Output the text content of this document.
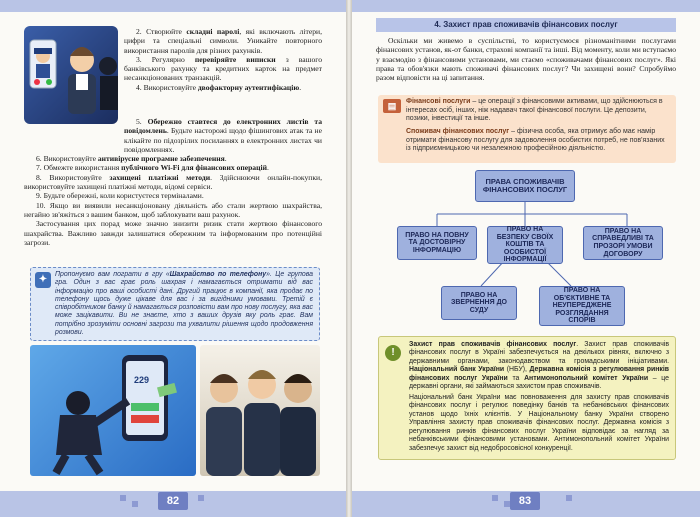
2. Створюйте складні паролі, які включають літери, цифри та спеціальні символи. Уникайте повторного використання паролів для різних рахунків.

3. Регулярно перевіряйте виписки з вашого банківського рахунку та кредитних карток на предмет несанкціонованих транзакцій.

4. Використовуйте двофакторну аутентифікацію.

5. Обережно ставтеся до електронних листів та повідомлень. Будьте насторожі щодо фішингових атак та не клікайте по підозрілих посиланнях в електронних листах чи повідомленнях.

6. Використовуйте антивірусне програмне забезпечення.

7. Обмежте використання публічного Wi-Fi для фінансових операцій.

8. Використовуйте захищені платіжні методи. Здійснюючи онлайн-покупки, використовуйте захищені платіжні методи, відомі сервіси.

9. Будьте обережні, коли користуєтеся терміналами.

10. Якщо ви виявили несанкціоновану діяльність або стали жертвою шахрайства, негайно зв'яжіться з вашим банком, щоб заблокувати ваш рахунок.

Застосування цих порад може значно знизити ризик стати жертвою фінансового шахрайства. Важливо завжди залишатися обережним та інформованим про потенційні загрози.

✦	Пропонуємо вам пограти в гру «Шахрайство по телефону». Це групова гра. Один з вас грає роль шахрая і намагається отримати від вас інформацію про ваші особисті дані. Другий працює в компанії, яка продає по телефону щось дуже цікаве для вас і за вигідними умовами. Третій є співробітником банку й намагається розповісти вам про нову послугу, яка вас може зацікавити. Ви не знаєте, хто з ваших друзів яку роль грає. Вам потрібно зрозуміти основні загрози та ухвалити рішення щодо продовження розмови.

229
82	83
4. Захист прав споживачів фінансових послуг

Оскільки ми живемо в суспільстві, то користуємося різноманітними послугами фінансових установ, як-от банки, страхові компанії та інші. Від моменту, коли ми вступаємо у взаємодію з фінансовими установами, ми стаємо «споживачами фінансових послуг». Які права та обов'язки мають споживачі фінансових послуг? Чи захищені вони? Спробуймо разом відповісти на ці запитання.

▤	Фінансові послуги – це операції з фінансовими активами, що здійснюються в інтересах осіб, інших, ніж надавач такої фінансової послуги. Це депозити, позики, інвестиції та інше.

Споживач фінансових послуг – фізична особа, яка отримує або має намір отримати фінансову послугу для задоволення особистих потреб, не пов'язаних із підприємницькою чи незалежною професійною діяльністю.

ПРАВА СПОЖИВАЧІВ ФІНАНСОВИХ ПОСЛУГ
ПРАВО НА ПОВНУ ТА ДОСТОВІРНУ ІНФОРМАЦІЮ
ПРАВО НА БЕЗПЕКУ СВОЇХ КОШТІВ ТА ОСОБИСТОЇ ІНФОРМАЦІЇ
ПРАВО НА СПРАВЕДЛИВІ ТА ПРОЗОРІ УМОВИ ДОГОВОРУ
ПРАВО НА ЗВЕРНЕННЯ ДО СУДУ
ПРАВО НА ОБ'ЄКТИВНЕ ТА НЕУПЕРЕДЖЕНЕ РОЗГЛЯДАННЯ СПОРІВ
!

Захист прав споживачів фінансових послуг. Захист прав споживачів фінансових послуг в Україні забезпечується на декількох рівнях, включно з державними органами, законодавством та громадськими ініціативами. Національний банк України (НБУ), Державна комісія з регулювання ринків фінансових послуг України та Антимонопольний комітет України – це державні органи, які займаються захистом прав споживачів.

Національний банк України має повноваження для захисту прав споживачів фінансових послуг і регулює поведінку банків та небанківських фінансових установ щодо їхніх клієнтів. У Національному банку України створено Управління захисту прав споживачів фінансових послуг. Державна комісія з регулювання ринків фінансових послуг України відповідає за нагляд за небанківськими фінансовими установами. Антимонопольний комітет України забезпечує захист від недобросовісної конкуренції.
